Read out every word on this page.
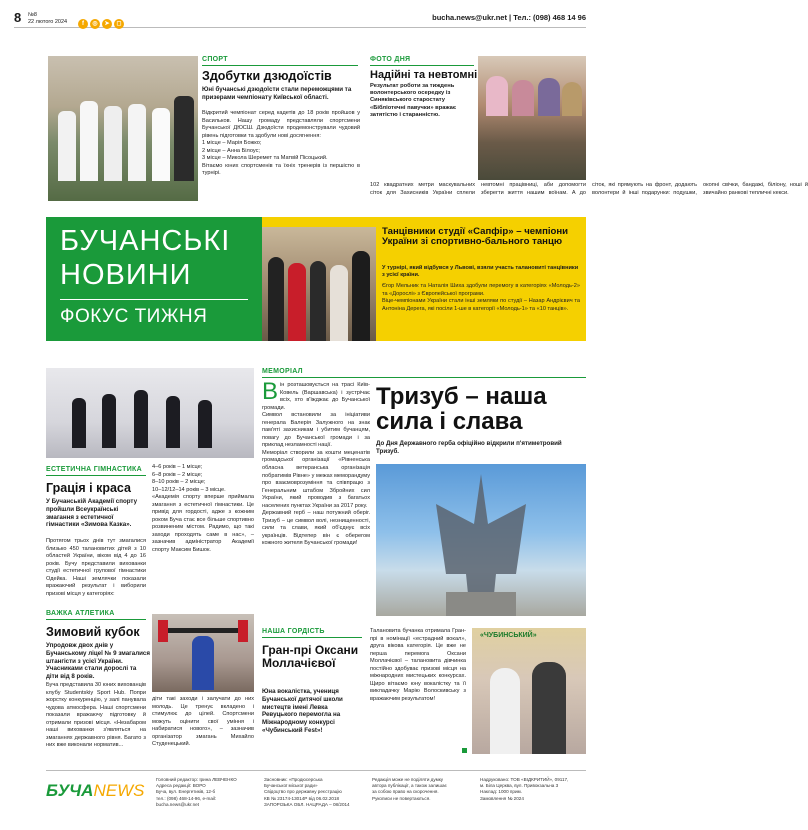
8 №8
22 лютого 2024	f ◎ ➤ ◻
bucha.news@ukr.net | Тел.: (098) 468 14 96
СПОРТ
Здобутки дзюдоїстів
Юні бучанські дзюдоїсти стали переможцями та призерами чемпіонату Київської області.
Відкритий чемпіонат серед кадетів до 18 років пройшов у Васильков. Нашу громаду представляли спортсмени Бучанської ДЮСШ. Дзюдоїсти продемонстрували чудовий рівень підготовки та здобули нові досягнення:
1 місце – Марія Божко;
2 місце – Анна Білоус;
3 місце – Микола Шеремет та Матвій Пісоцький.
Вітаємо юних спортсменів та їхніх тренерів із першістю в турнірі.
ФОТО ДНЯ
Надійні та невтомні
Результат роботи за тиждень волонтерського осередку із Синяківського старостату «Бібліотечні павучки» вражає затятістю і старанністю.
102 квадратних метри маскувальних сіток для Захисників України сплели невтомні працівниці, аби допомогти зберегти життя нашим воїнам. А до сіток, які прямують на фронт, додають волонтери й інші подарунки: подушки, окопні свічки, бандажі, біліону, ноші й звичайно ранкові тепличні кекси.
БУЧАНСЬКІ
НОВИНИ
ФОКУС ТИЖНЯ
Танцівники студії «Сапфір» – чемпіони України зі спортивно-бального танцю
У турнірі, який відбувся у Львові, взяли участь талановиті танцівники з усієї країни.
Єгор Мельник та Наталія Шиха здобули перемогу в категоріях «Молодь-2» та «Дорослі» з Європейської програми.
Віце-чемпіонами України стали інші земляки по студії – Назар Андрієвич та Антоніна Дерега, які посіли 1-ше в категорії «Молодь-1» та «10 танців».
ЕСТЕТИЧНА ГІМНАСТИКА
Грація і краса
У Бучанській Академії спорту пройшли Всеукраїнські змагання з естетичної гімнастики «Зимова Казка».
Протягом трьох днів тут змагалися близько 450 талановитих дітей з 10 областей України, віком від 4 до 16 років. Бучу представили вихованки студії естетичної групової гімнастики Одейка. Наші землячки показали вражаючий результат і виборили призові місця у категоріях:
4–6 років – 1 місце;
6–8 років – 2 місце;
8–10 років – 2 місце;
10–12/12–14 років – 3 місце.
«Академія спорту вперше приймала змагання з естетичної гімнастики. Це привід для гордості, адже з кожним роком Буча стає все більше спортивно розвиненим містом. Радимо, що такі заходи проходять саме в нас», – зазначив адміністратор Академії спорту Максим Бишок.
МЕМОРІАЛ
В ін розташовується на трасі Київ-Ковель (Варшавська) і зустрічає всіх, хто в'їжджає до Бучанської громади.
Символ встановили за ініціативи генерала Валерія Залужного на знак пам'яті захисникам і убитим бучанцям, повагу до Бучанської громади і за приклад незламності нації.
Меморіал створили за кошти меценатів громадської організації «Рівненська обласна ветеранська організація побратимів Рівне» у межах меморандуму про взаємоврозуміння та співпрацю з Генеральним штабом Збройних сил України, який проводив з багатьох населених пунктах України за 2017 року.
Державний герб – наш потужний оберіг. Тризуб – це символ волі, незнищенності, сили та слави, який об'єднує всіх українців. Відтепер він є оберегом кожного жителя Бучанської громади!
Тризуб – наша сила і слава
До Дня Державного герба офіційно відкрили п'ятиметровий Тризуб.
ВАЖКА АТЛЕТИКА
Зимовий кубок
Упродовж двох днів у Бучанському ліцеї № 9 змагалися штангісти з усієї України. Учасниками стали дорослі та діти від 8 років.
Буча представила 30 юних вихованців клубу Studentskiy Sport Hub. Попри жорстку конкуренцію, у залі панувала чудова атмосфера. Наші спортсмени показали вражаючу підготовку й отримали призові місця. «Незабаром наші вихованки з'являться на змаганнях державного рівня. Багато з них вже виконали норматив...
діти такі заходи і залучати до них молодь. Це тренує вкладено і стимулює до цілей. Спортсмени можуть оцінити свої уміння і набиратися нового», – зазначив організатор змагань Михайло Студенецький.
НАША ГОРДІСТЬ
Гран-прі Оксани Моллачієвої
Юна вокалістка, учениця Бучанської дитячої школи мистецтв імені Левка Ревуцького перемогла на Міжнародному конкурсі «Чубинський Fest»!
Талановита бучанка отримала Гран-прі в номінації «естрадний вокал», друга вікова категорія. Це вже не перша перемога Оксани Моллачієвої – талановита дівчинка постійно здобуває призові місця на міжнародних мистецьких конкурсах. Щиро вітаємо юну вокалістку та її викладачку Марію Волоскивську з вражаючим результатом!
«ЧУБИНСЬКИЙ»
БУЧАNEWS
Головний редактор: Ірина ЛЕВЧЕНКО
Адреса редакції: ВОРО
Буча, вул. Енергетиків, 12-б
тел.: (098) 468-14-96, e-mail: bucha.news@ukr.net
Засновник: «Продюсерська
Бучанської міської ради»
Свідоцтво про державну реєстрацію
КВ № 23174-13014Р від 06.02.2018
ЗАПОРІЗЬКА ОБЛ. НАЦРАДА – 08/2014
Редакція може не поділяти думку
автора публікації, а також залишає
за собою право на скорочення.
Рукописи не повертаються.
Надруковано: ТОВ «ВІДКРИТИЙ», 09117,
м. Біла Церква, вул. Привокзальна 3
Наклад: 1000 прим.
Замовлення № 2024
